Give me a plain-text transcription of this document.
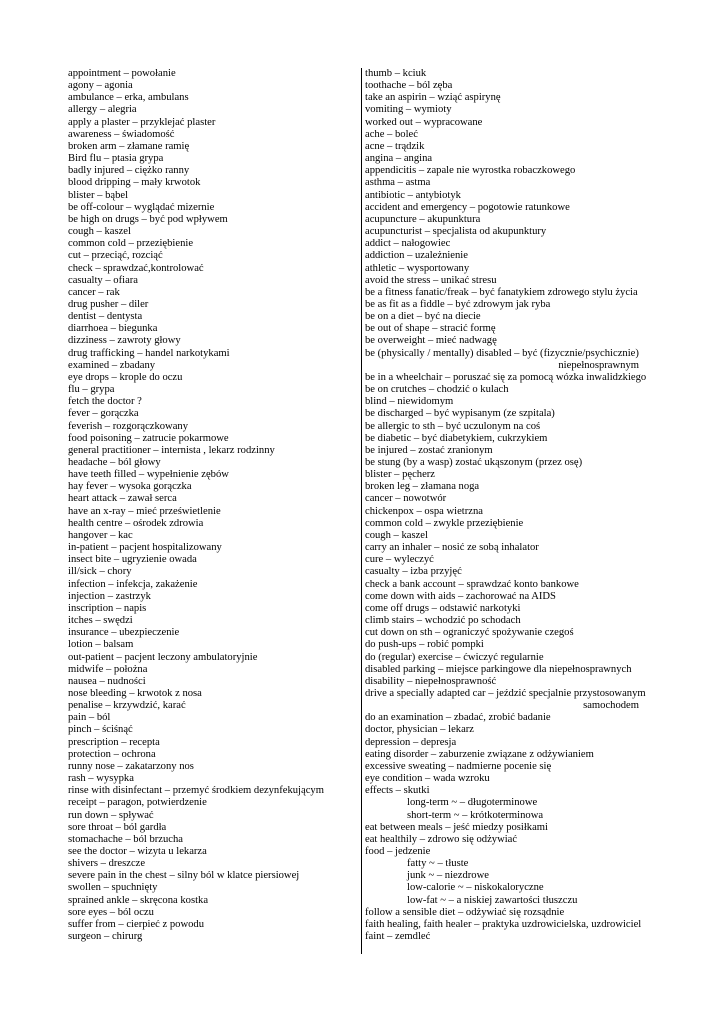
appointment – powołanie
agony – agonia
ambulance – erka, ambulans
allergy – alegria
apply a plaster – przyklejać plaster
awareness – świadomość
broken arm – złamane ramię
Bird flu – ptasia grypa
badly injured – ciężko ranny
blood dripping – mały krwotok
blister – bąbel
be off-colour – wyglądać mizernie
be high on drugs – być pod wpływem
cough – kaszel
common cold – przeziębienie
cut – przeciąć, rozciąć
check – sprawdzać,kontrolować
casualty – ofiara
cancer – rak
drug pusher – diler
dentist – dentysta
diarrhoea – biegunka
dizziness – zawroty głowy
drug trafficking – handel narkotykami
examined – zbadany
eye drops – krople do oczu
flu – grypa
fetch the doctor ?
fever – gorączka
feverish – rozgorączkowany
food poisoning – zatrucie pokarmowe
general practitioner – internista , lekarz rodzinny
headache – ból głowy
have teeth filled – wypełnienie zębów
hay fever – wysoka gorączka
heart attack – zawał serca
have an x-ray – mieć prześwietlenie
health centre – ośrodek zdrowia
hangover – kac
in-patient – pacjent hospitalizowany
insect bite – ugryzienie owada
ill/sick – chory
infection – infekcja, zakażenie
injection – zastrzyk
inscription – napis
itches – swędzi
insurance – ubezpieczenie
lotion – balsam
out-patient – pacjent leczony ambulatoryjnie
midwife – położna
nausea – nudności
nose bleeding – krwotok z nosa
penalise – krzywdzić, karać
pain – ból
pinch – ściśnąć
prescription – recepta
protection – ochrona
runny nose – zakatarzony nos
rash – wysypka
rinse with disinfectant – przemyć środkiem dezynfekującym
receipt – paragon, potwierdzenie
run down – spływać
sore throat – ból gardła
stomachache – ból brzucha
see the doctor – wizyta u lekarza
shivers – dreszcze
severe pain in the chest – silny ból w klatce piersiowej
swollen – spuchnięty
sprained ankle – skręcona kostka
sore eyes – ból oczu
suffer from – cierpieć z powodu
surgeon – chirurg
thumb – kciuk
toothache – ból zęba
take an aspirin – wziąć aspirynę
vomiting – wymioty
worked out – wypracowane
ache – boleć
acne – trądzik
angina – angina
appendicitis – zapale nie wyrostka robaczkowego
asthma – astma
antibiotic – antybiotyk
accident and emergency – pogotowie ratunkowe
acupuncture – akupunktura
acupuncturist – specjalista od akupunktury
addict – nałogowiec
addiction – uzależnienie
athletic – wysportowany
avoid the stress – unikać stresu
be a fitness fanatic/freak – być fanatykiem zdrowego stylu życia
be as fit as a fiddle – być zdrowym jak ryba
be on a diet – być na diecie
be out of shape – stracić formę
be overweight – mieć nadwagę
be (physically / mentally) disabled – być (fizycznie/psychicznie)
niepełnosprawnym
be in a wheelchair – poruszać się za pomocą wózka inwalidzkiego
be on crutches – chodzić o kulach
blind – niewidomym
be discharged – być wypisanym (ze szpitala)
be allergic to sth – być uczulonym na coś
be diabetic – być diabetykiem, cukrzykiem
be injured – zostać zranionym
be stung (by a wasp) zostać ukąszonym (przez osę)
blister – pęcherz
broken leg – złamana noga
cancer – nowotwór
chickenpox – ospa wietrzna
common cold – zwykle przeziębienie
cough – kaszel
carry an inhaler – nosić ze sobą inhalator
cure – wyleczyć
casualty – izba przyjęć
check a bank account – sprawdzać konto bankowe
come down with aids – zachorować na AIDS
come off drugs – odstawić narkotyki
climb stairs – wchodzić po schodach
cut down on sth – ograniczyć spożywanie czegoś
do push-ups – robić pompki
do (regular) exercise – ćwiczyć regularnie
disabled parking – miejsce parkingowe dla niepełnosprawnych
disability – niepełnosprawność
drive a specially adapted car – jeździć specjalnie przystosowanym
samochodem
do an examination – zbadać, zrobić badanie
doctor, physician – lekarz
depression – depresja
eating disorder – zaburzenie związane z odżywianiem
excessive sweating – nadmierne pocenie się
eye condition – wada wzroku
effects – skutki
long-term ~ – długoterminowe
short-term ~ – krótkoterminowa
eat between meals – jeść miedzy posiłkami
eat healthily – zdrowo się odżywiać
food – jedzenie
fatty ~ – tłuste
junk ~ – niezdrowe
low-calorie ~ – niskokaloryczne
low-fat ~ – a niskiej zawartości tłuszczu
follow a sensible diet – odżywiać się rozsądnie
faith healing, faith healer – praktyka uzdrowicielska, uzdrowiciel
faint – zemdleć
